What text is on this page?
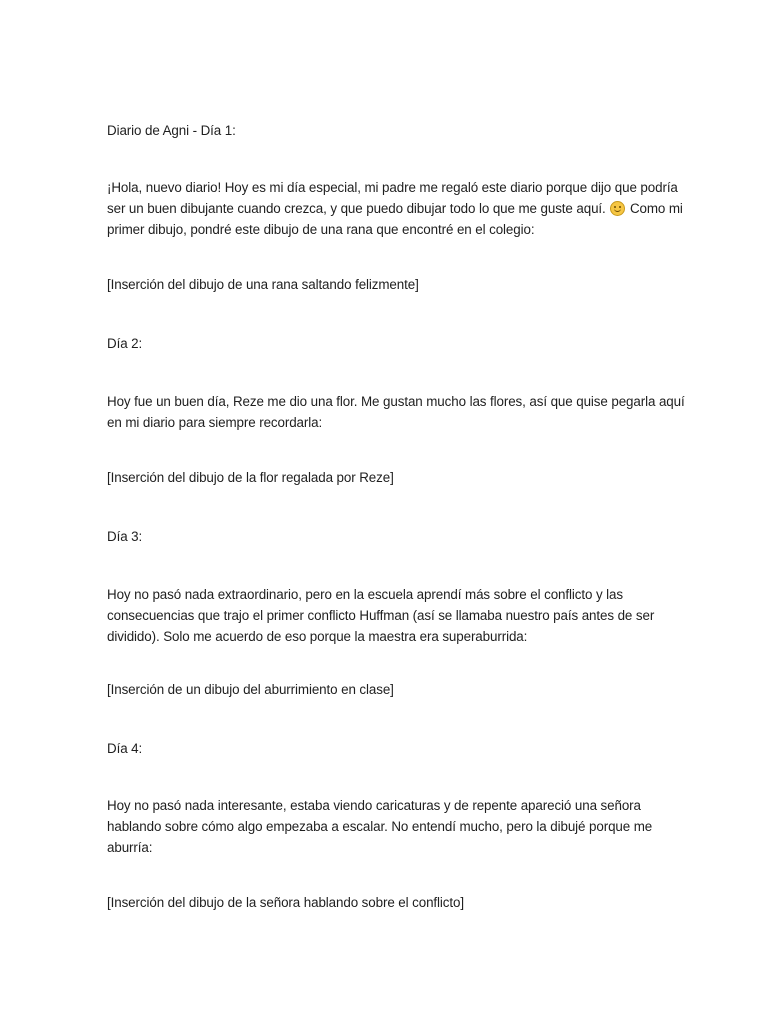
Diario de Agni - Día 1:
¡Hola, nuevo diario! Hoy es mi día especial, mi padre me regaló este diario porque dijo que podría
ser un buen dibujante cuando crezca, y que puedo dibujar todo lo que me guste aquí. Como mi
primer dibujo, pondré este dibujo de una rana que encontré en el colegio:
[Inserción del dibujo de una rana saltando felizmente]
Día 2:
Hoy fue un buen día, Reze me dio una flor. Me gustan mucho las flores, así que quise pegarla aquí
en mi diario para siempre recordarla:
[Inserción del dibujo de la flor regalada por Reze]
Día 3:
Hoy no pasó nada extraordinario, pero en la escuela aprendí más sobre el conflicto y las
consecuencias que trajo el primer conflicto Huffman (así se llamaba nuestro país antes de ser
dividido). Solo me acuerdo de eso porque la maestra era superaburrida:
[Inserción de un dibujo del aburrimiento en clase]
Día 4:
Hoy no pasó nada interesante, estaba viendo caricaturas y de repente apareció una señora
hablando sobre cómo algo empezaba a escalar. No entendí mucho, pero la dibujé porque me
aburría:
[Inserción del dibujo de la señora hablando sobre el conflicto]
